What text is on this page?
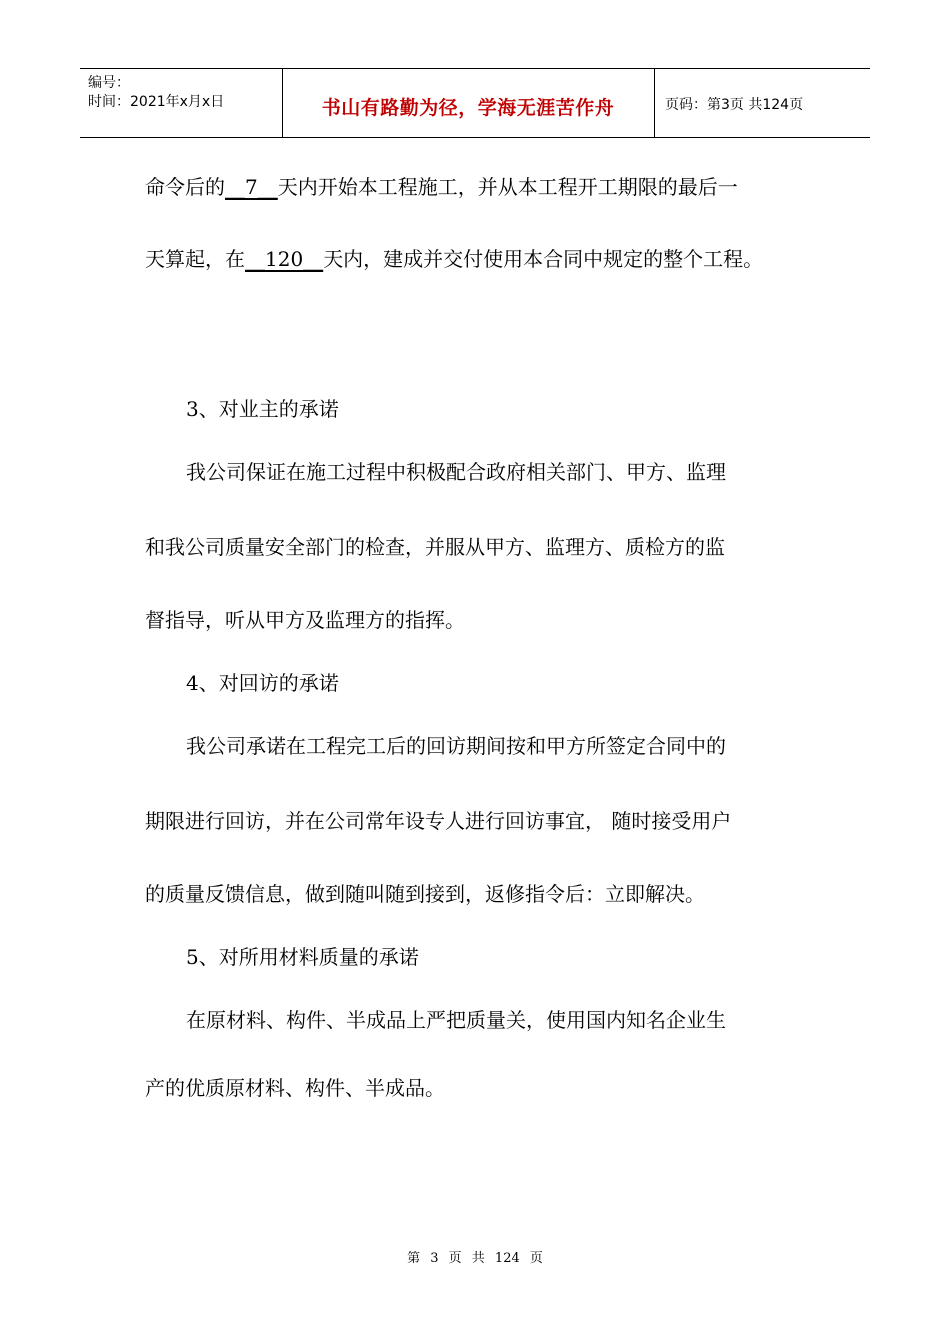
编号：
时间：2021年x月x日	书山有路勤为径，学海无涯苦作舟	页码：第3页 共124页
命令后的__7__天内开始本工程施工，并从本工程开工期限的最后一
天算起，在__120__天内，建成并交付使用本合同中规定的整个工程。
3、对业主的承诺
我公司保证在施工过程中积极配合政府相关部门、甲方、监理
和我公司质量安全部门的检查，并服从甲方、监理方、质检方的监
督指导，听从甲方及监理方的指挥。
4、对回访的承诺
我公司承诺在工程完工后的回访期间按和甲方所签定合同中的
期限进行回访，并在公司常年设专人进行回访事宜， 随时接受用户
的质量反馈信息，做到随叫随到接到，返修指令后：立即解决。
5、对所用材料质量的承诺
在原材料、构件、半成品上严把质量关，使用国内知名企业生
产的优质原材料、构件、半成品。
第 3 页 共 124 页
